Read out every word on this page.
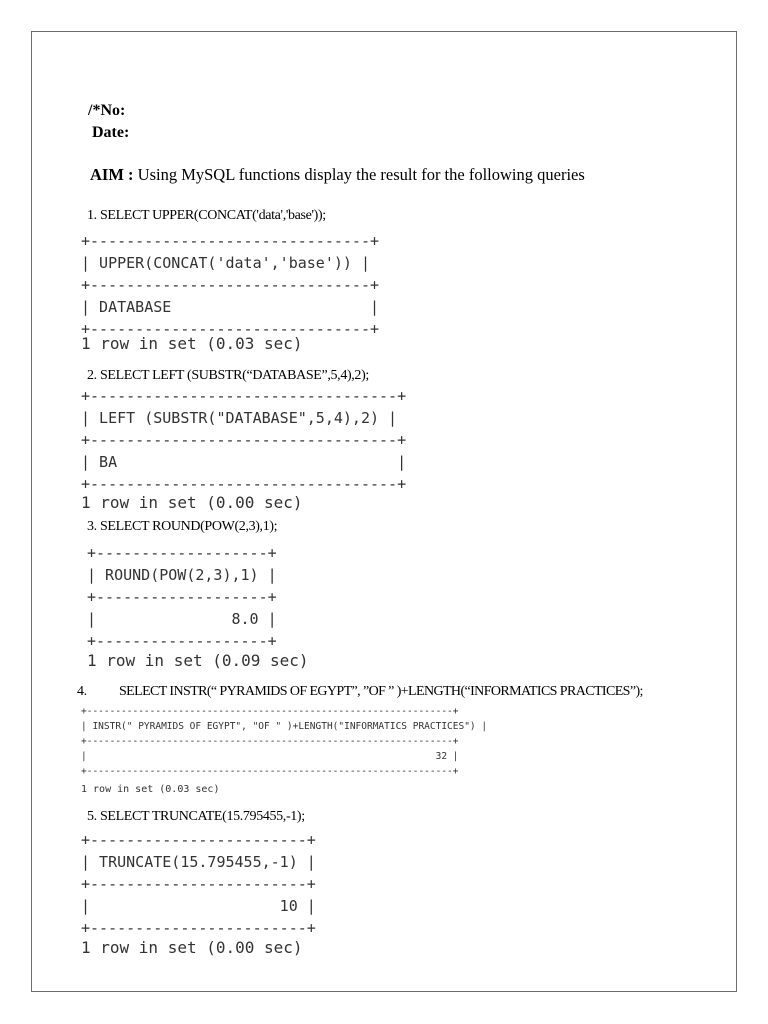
/*No:
Date:
AIM : Using MySQL functions display the result for the following queries
1. SELECT UPPER(CONCAT('data','base'));
+-------------------------------+
| UPPER(CONCAT('data','base')) |
+-------------------------------+
| DATABASE                      |
+-------------------------------+
1 row in set (0.03 sec)
2. SELECT LEFT (SUBSTR(“DATABASE”,5,4),2);
+----------------------------------+
| LEFT (SUBSTR("DATABASE",5,4),2) |
+----------------------------------+
| BA                               |
+----------------------------------+
1 row in set (0.00 sec)
3. SELECT ROUND(POW(2,3),1);
+-------------------+
| ROUND(POW(2,3),1) |
+-------------------+
|               8.0 |
+-------------------+
1 row in set (0.09 sec)
4. SELECT INSTR(“ PYRAMIDS OF EGYPT”, ”OF ” )+LENGTH(“INFORMATICS PRACTICES”);
+----------------------------------------------------------------+
| INSTR(" PYRAMIDS OF EGYPT", "OF " )+LENGTH("INFORMATICS PRACTICES") |
+----------------------------------------------------------------+
|                                                             32 |
+----------------------------------------------------------------+
1 row in set (0.03 sec)
5. SELECT TRUNCATE(15.795455,-1);
+------------------------+
| TRUNCATE(15.795455,-1) |
+------------------------+
|                     10 |
+------------------------+
1 row in set (0.00 sec)
